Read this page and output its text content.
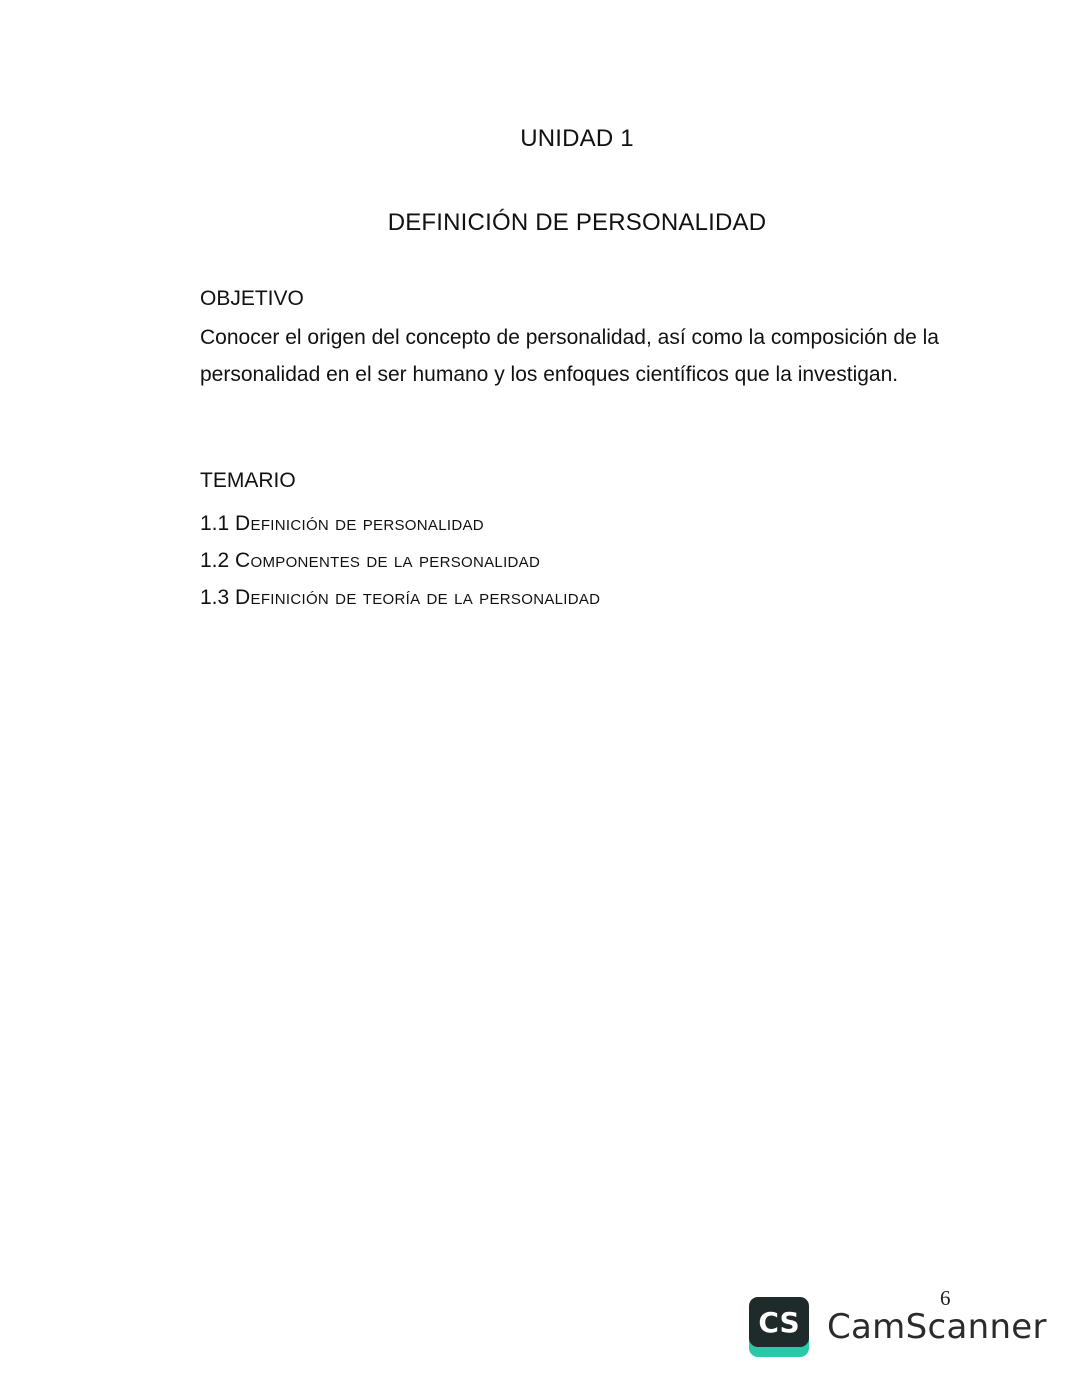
UNIDAD 1
DEFINICIÓN DE PERSONALIDAD
OBJETIVO

Conocer el origen del concepto de personalidad, así como la composición de la personalidad en el ser humano y los enfoques científicos que la investigan.

TEMARIO
1.1 Definición de personalidad
1.2 Componentes de la personalidad
1.3 Definición de teoría de la personalidad
6
CS CamScanner
